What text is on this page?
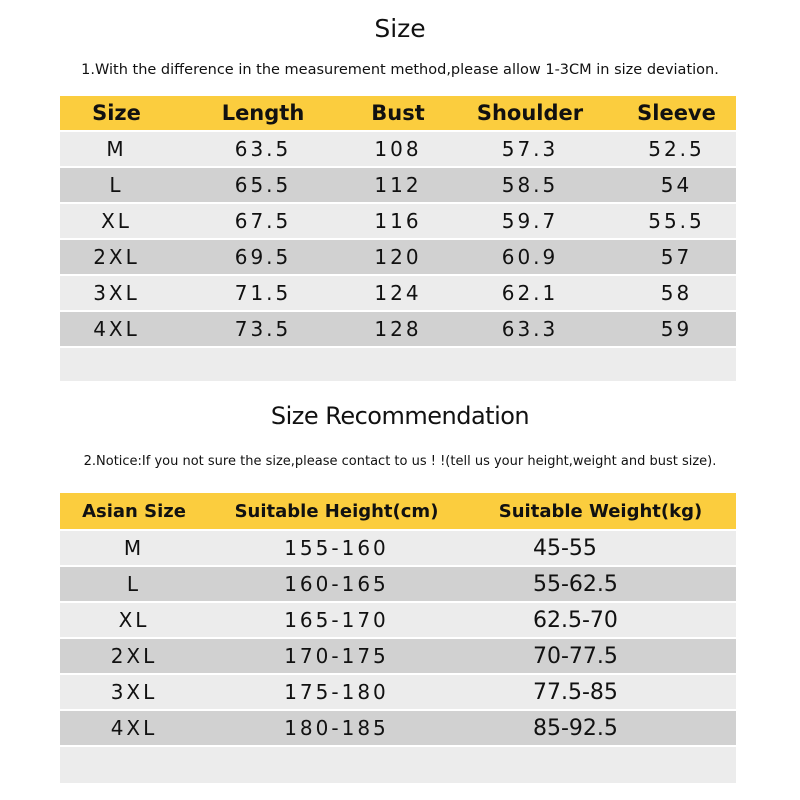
Size
1.With the difference in the measurement method,please allow 1-3CM in size deviation.
Size	Length	Bust	Shoulder	Sleeve
M	63.5	108	57.3	52.5
L	65.5	112	58.5	54
XL	67.5	116	59.7	55.5
2XL	69.5	120	60.9	57
3XL	71.5	124	62.1	58
4XL	73.5	128	63.3	59
Size Recommendation
2.Notice:If you not sure the size,please contact to us ! !(tell us your height,weight and bust size).
Asian Size	Suitable Height(cm)	Suitable Weight(kg)
M	155-160	45-55
L	160-165	55-62.5
XL	165-170	62.5-70
2XL	170-175	70-77.5
3XL	175-180	77.5-85
4XL	180-185	85-92.5
